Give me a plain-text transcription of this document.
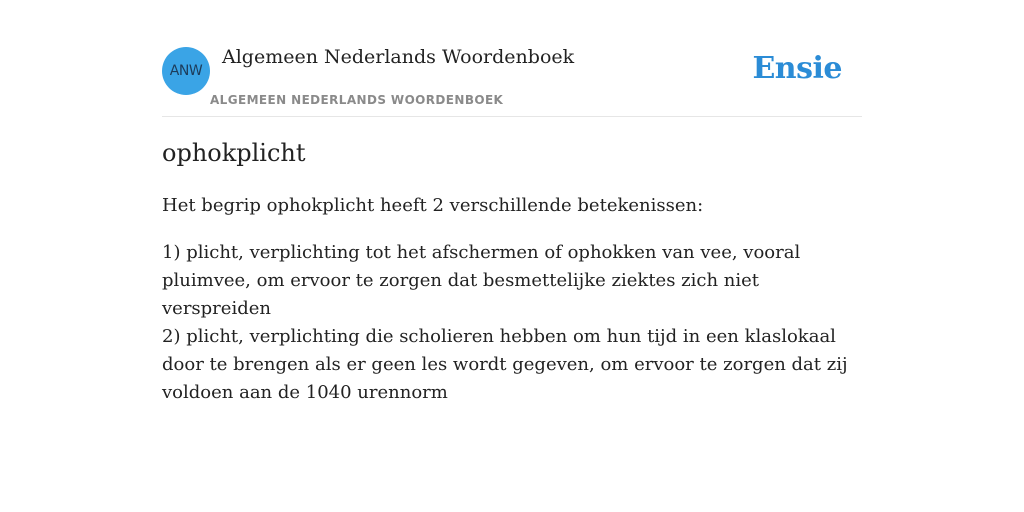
ANW
Algemeen Nederlands Woordenboek
ALGEMEEN NEDERLANDS WOORDENBOEK
Ensie
ophokplicht

Het begrip ophokplicht heeft 2 verschillende betekenissen:

1) plicht, verplichting tot het afschermen of ophokken van vee, vooral pluimvee, om ervoor te zorgen dat besmettelijke ziektes zich niet verspreiden
2) plicht, verplichting die scholieren hebben om hun tijd in een klaslokaal door te brengen als er geen les wordt gegeven, om ervoor te zorgen dat zij voldoen aan de 1040 urennorm
